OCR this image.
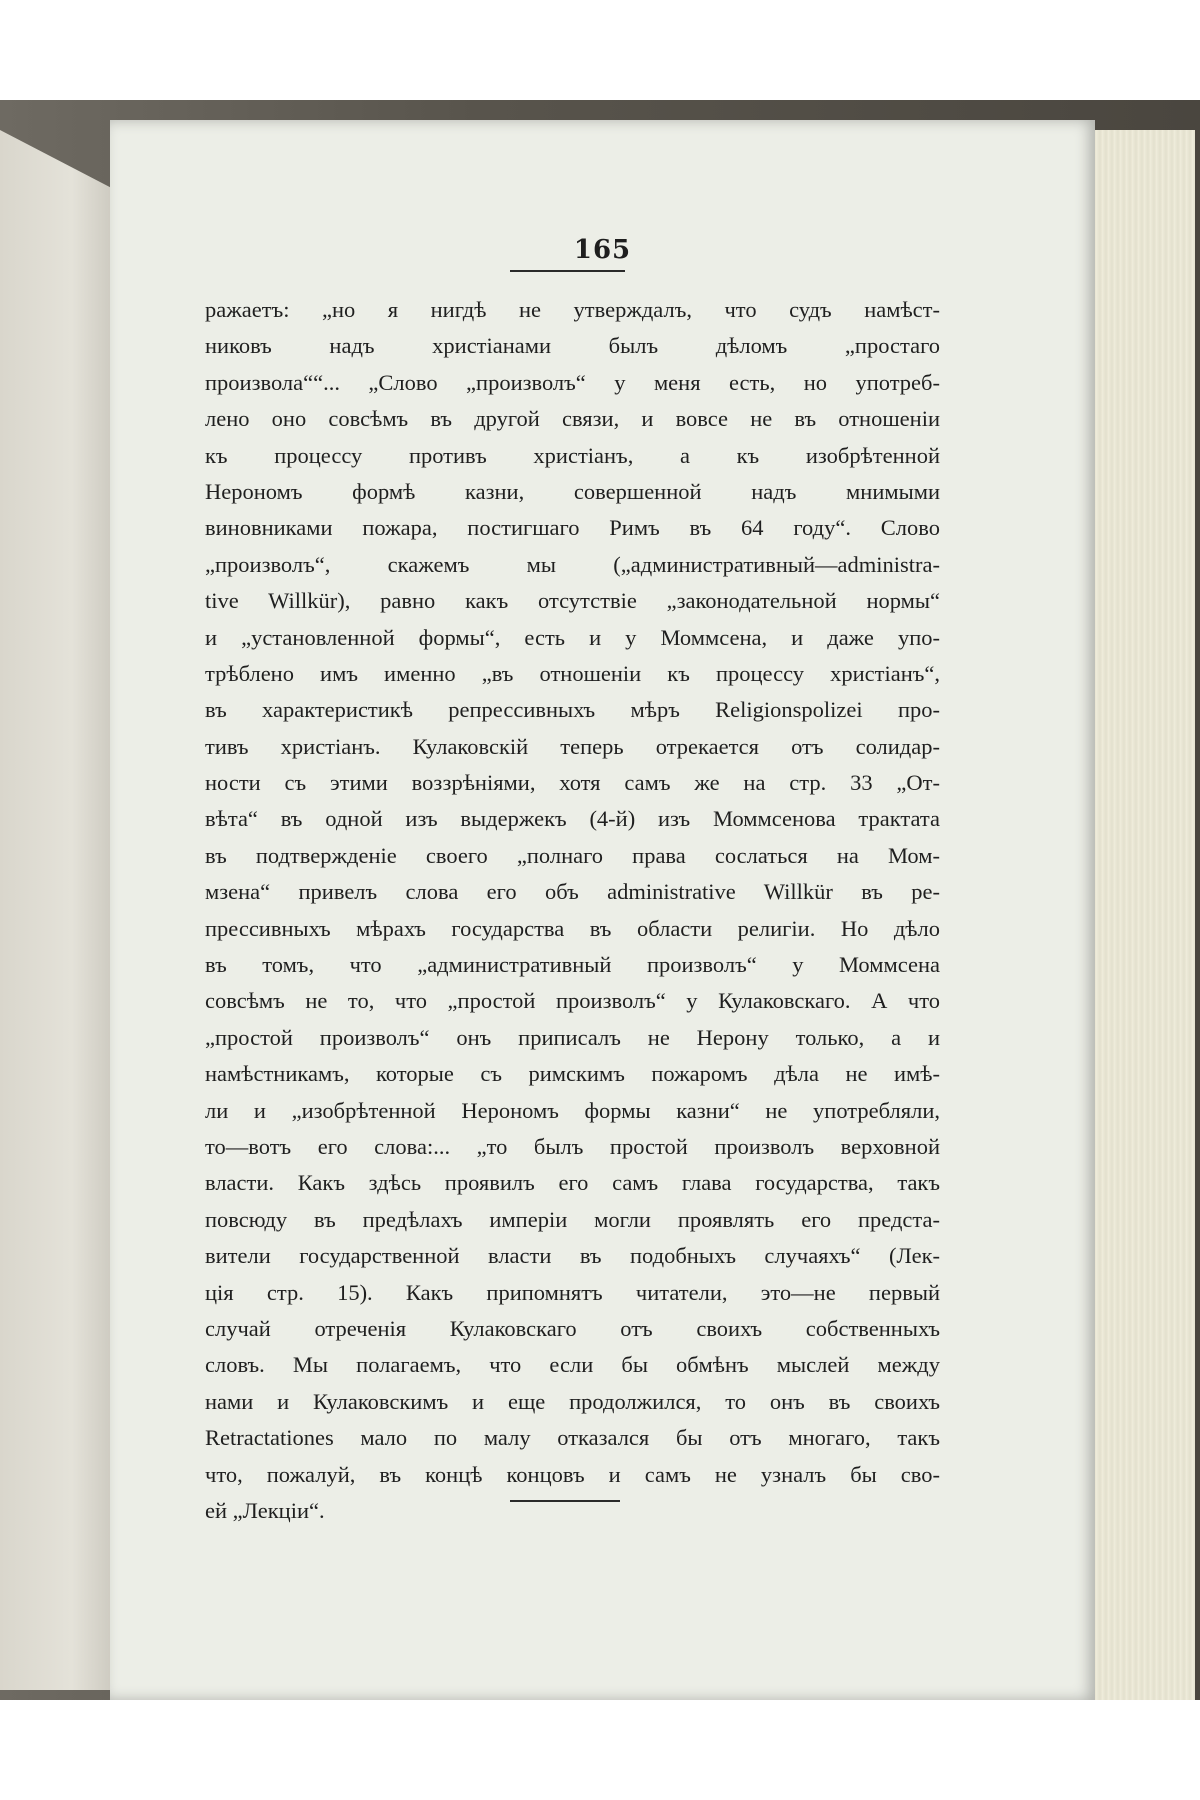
165
ражаетъ: „но я нигдѣ не утверждалъ, что судъ намѣст-
никовъ надъ христіанами былъ дѣломъ „простаго
произвола““... „Слово „произволъ“ у меня есть, но употреб-
лено оно совсѣмъ въ другой связи, и вовсе не въ отношеніи
къ процессу противъ христіанъ, а къ изобрѣтенной
Нерономъ формѣ казни, совершенной надъ мнимыми
виновниками пожара, постигшаго Римъ въ 64 году“. Слово
„произволъ“, скажемъ мы („административный—administra-
tive Willkür), равно какъ отсутствіе „законодательной нормы“
и „установленной формы“, есть и у Моммсена, и даже упо-
трѣблено имъ именно „въ отношеніи къ процессу христіанъ“,
въ характеристикѣ репрессивныхъ мѣръ Religionspolizei про-
тивъ христіанъ. Кулаковскій теперь отрекается отъ солидар-
ности съ этими воззрѣніями, хотя самъ же на стр. 33 „От-
вѣта“ въ одной изъ выдержекъ (4-й) изъ Моммсенова трактата
въ подтвержденіе своего „полнаго права сослаться на Мом-
мзена“ привелъ слова его объ administrative Willkür въ ре-
прессивныхъ мѣрахъ государства въ области религіи. Но дѣло
въ томъ, что „административный произволъ“ у Моммсена
совсѣмъ не то, что „простой произволъ“ у Кулаковскаго. А что
„простой произволъ“ онъ приписалъ не Нерону только, а и
намѣстникамъ, которые съ римскимъ пожаромъ дѣла не имѣ-
ли и „изобрѣтенной Нерономъ формы казни“ не употребляли,
то—вотъ его слова:... „то былъ простой произволъ верховной
власти. Какъ здѣсь проявилъ его самъ глава государства, такъ
повсюду въ предѣлахъ имперіи могли проявлять его предста-
вители государственной власти въ подобныхъ случаяхъ“ (Лек-
ція стр. 15). Какъ припомнятъ читатели, это—не первый
случай отреченія Кулаковскаго отъ своихъ собственныхъ
словъ. Мы полагаемъ, что если бы обмѣнъ мыслей между
нами и Кулаковскимъ и еще продолжился, то онъ въ своихъ
Retractationes мало по малу отказался бы отъ многаго, такъ
что, пожалуй, въ концѣ концовъ и самъ не узналъ бы сво-
ей „Лекціи“.
